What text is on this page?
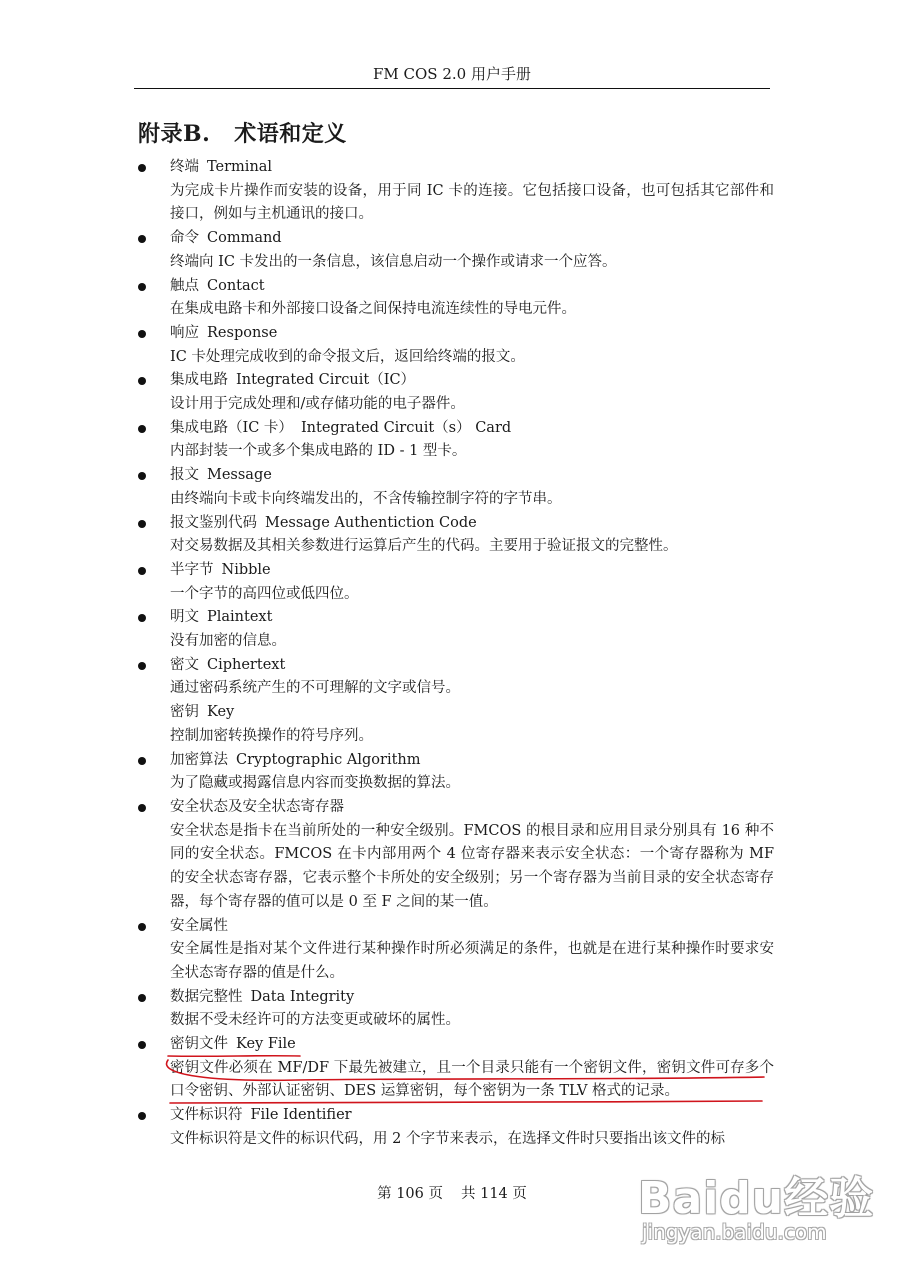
FM COS 2.0 用户手册
附录B. 术语和定义
终端 Terminal
为完成卡片操作而安装的设备，用于同 IC 卡的连接。它包括接口设备，也可包括其它部件和接口，例如与主机通讯的接口。
命令 Command
终端向 IC 卡发出的一条信息，该信息启动一个操作或请求一个应答。
触点 Contact
在集成电路卡和外部接口设备之间保持电流连续性的导电元件。
响应 Response
IC 卡处理完成收到的命令报文后，返回给终端的报文。
集成电路 Integrated Circuit（IC）
设计用于完成处理和/或存储功能的电子器件。
集成电路（IC 卡） Integrated Circuit（s） Card
内部封装一个或多个集成电路的 ID - 1 型卡。
报文 Message
由终端向卡或卡向终端发出的，不含传输控制字符的字节串。
报文鉴别代码 Message Authentiction Code
对交易数据及其相关参数进行运算后产生的代码。主要用于验证报文的完整性。
半字节 Nibble
一个字节的高四位或低四位。
明文 Plaintext
没有加密的信息。
密文 Ciphertext
通过密码系统产生的不可理解的文字或信号。
密钥 Key
控制加密转换操作的符号序列。
加密算法 Cryptographic Algorithm
为了隐藏或揭露信息内容而变换数据的算法。
安全状态及安全状态寄存器
安全状态是指卡在当前所处的一种安全级别。FMCOS 的根目录和应用目录分别具有 16 种不同的安全状态。FMCOS 在卡内部用两个 4 位寄存器来表示安全状态：一个寄存器称为 MF 的安全状态寄存器，它表示整个卡所处的安全级别；另一个寄存器为当前目录的安全状态寄存器，每个寄存器的值可以是 0 至 F 之间的某一值。
安全属性
安全属性是指对某个文件进行某种操作时所必须满足的条件，也就是在进行某种操作时要求安全状态寄存器的值是什么。
数据完整性 Data Integrity
数据不受未经许可的方法变更或破坏的属性。
密钥文件 Key File
密钥文件必须在 MF/DF 下最先被建立，且一个目录只能有一个密钥文件，密钥文件可存多个口令密钥、外部认证密钥、DES 运算密钥，每个密钥为一条 TLV 格式的记录。
文件标识符 File Identifier
文件标识符是文件的标识代码，用 2 个字节来表示，在选择文件时只要指出该文件的标
第 106 页 共 114 页	Baidu经验
jingyan.baidu.com
